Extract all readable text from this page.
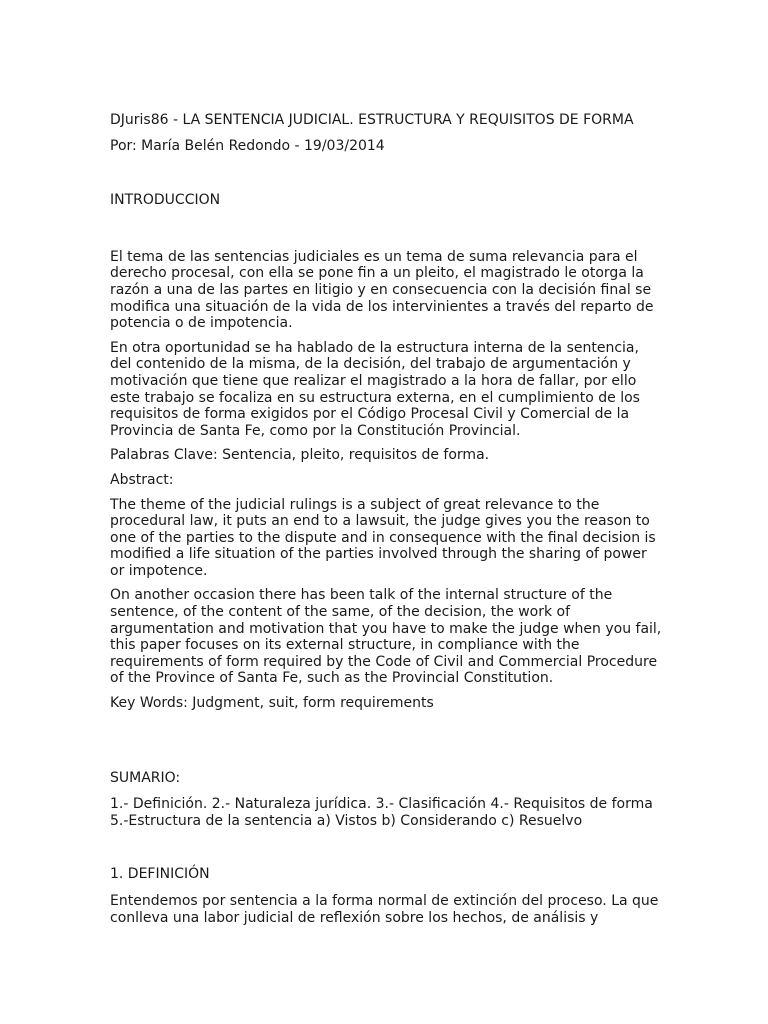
DJuris86 - LA SENTENCIA JUDICIAL. ESTRUCTURA Y REQUISITOS DE FORMA

Por: María Belén Redondo - 19/03/2014

INTRODUCCION

El tema de las sentencias judiciales es un tema de suma relevancia para el derecho procesal, con ella se pone fin a un pleito, el magistrado le otorga la razón a una de las partes en litigio y en consecuencia con la decisión final se modifica una situación de la vida de los intervinientes a través del reparto de potencia o de impotencia.

En otra oportunidad se ha hablado de la estructura interna de la sentencia, del contenido de la misma, de la decisión, del trabajo de argumentación y motivación que tiene que realizar el magistrado a la hora de fallar, por ello este trabajo se focaliza en su estructura externa, en el cumplimiento de los requisitos de forma exigidos por el Código Procesal Civil y Comercial de la Provincia de Santa Fe, como por la Constitución Provincial.

Palabras Clave: Sentencia, pleito, requisitos de forma.

Abstract:

The theme of the judicial rulings is a subject of great relevance to the procedural law, it puts an end to a lawsuit, the judge gives you the reason to one of the parties to the dispute and in consequence with the final decision is modified a life situation of the parties involved through the sharing of power or impotence.

On another occasion there has been talk of the internal structure of the sentence, of the content of the same, of the decision, the work of argumentation and motivation that you have to make the judge when you fail, this paper focuses on its external structure, in compliance with the requirements of form required by the Code of Civil and Commercial Procedure of the Province of Santa Fe, such as the Provincial Constitution.

Key Words: Judgment, suit, form requirements

SUMARIO:

1.- Definición. 2.- Naturaleza jurídica. 3.- Clasificación 4.- Requisitos de forma 5.-Estructura de la sentencia a) Vistos b) Considerando c) Resuelvo

1. DEFINICIÓN

Entendemos por sentencia a la forma normal de extinción del proceso. La que conlleva una labor judicial de reflexión sobre los hechos, de análisis y
